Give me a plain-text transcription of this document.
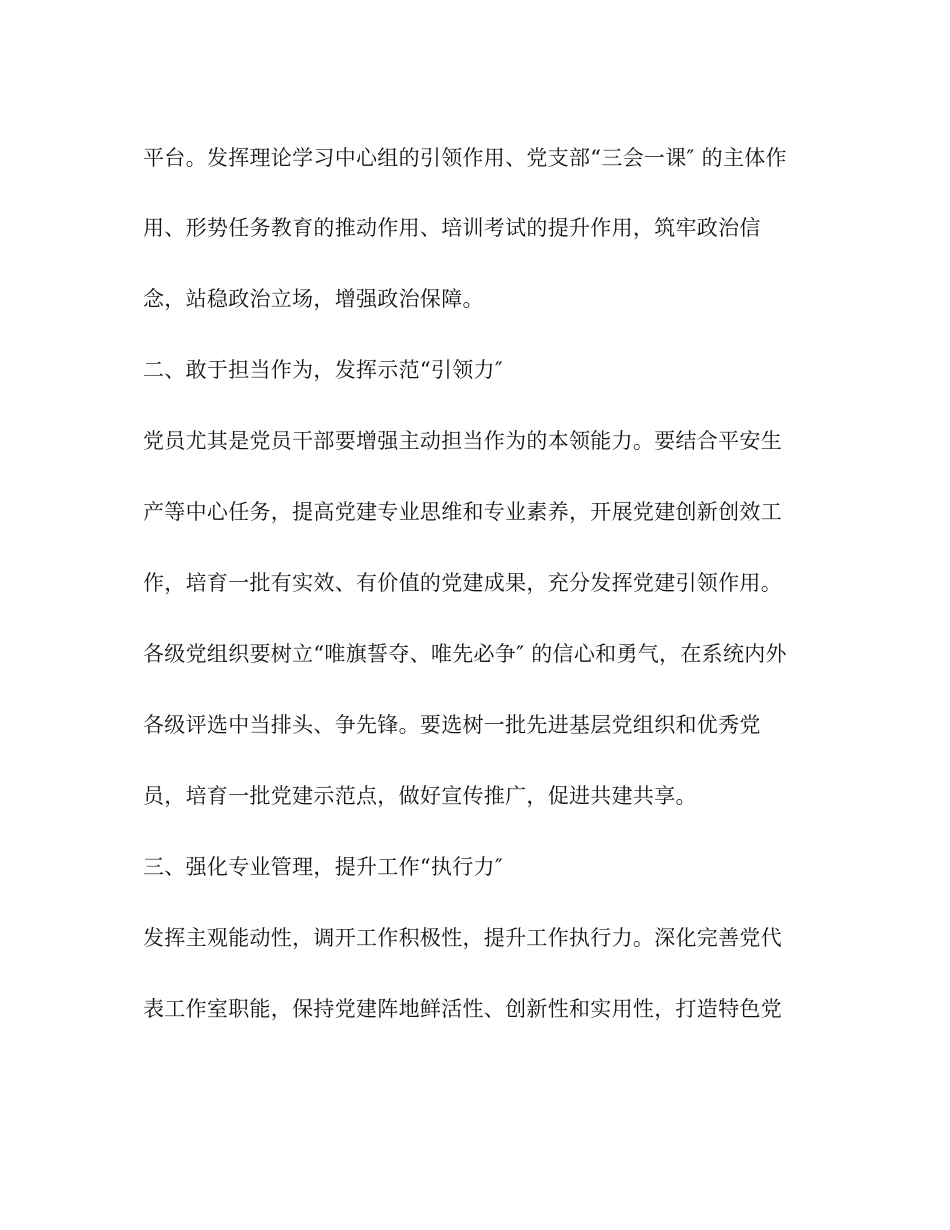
平台。发挥理论学习中心组的引领作用、党支部“三会一课″ 的主体作
用、形势任务教育的推动作用、培训考试的提升作用，筑牢政治信
念，站稳政治立场，增强政治保障。
二、敢于担当作为，发挥示范“引领力″
党员尤其是党员干部要增强主动担当作为的本领能力。要结合平安生
产等中心任务，提高党建专业思维和专业素养，开展党建创新创效工
作，培育一批有实效、有价值的党建成果，充分发挥党建引领作用。
各级党组织要树立“唯旗誓夺、唯先必争″ 的信心和勇气，在系统内外
各级评选中当排头、争先锋。要选树一批先进基层党组织和优秀党
员，培育一批党建示范点，做好宣传推广，促进共建共享。
三、强化专业管理，提升工作“执行力″
发挥主观能动性，调开工作积极性，提升工作执行力。深化完善党代
表工作室职能，保持党建阵地鲜活性、创新性和实用性，打造特色党
